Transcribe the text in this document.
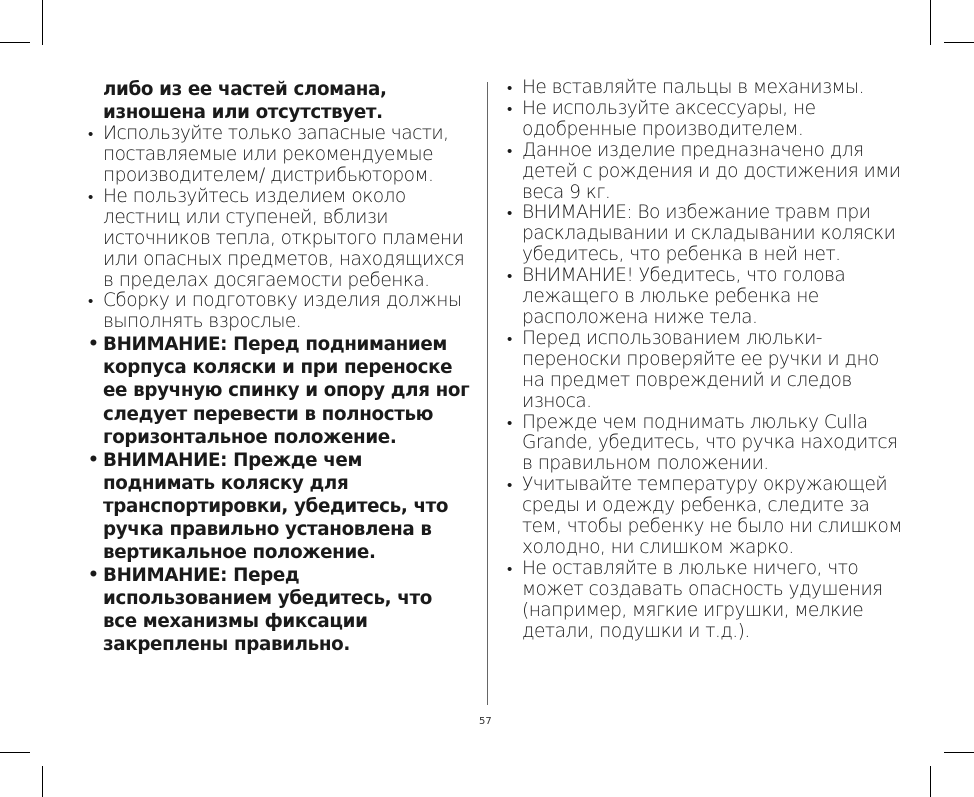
либо из ее частей сломана, изношена или отсутствует.
• Используйте только запасные части, поставляемые или рекомендуемые производителем/ дистрибьютором.
• Не пользуйтесь изделием около лестниц или ступеней, вблизи источников тепла, открытого пламени или опасных предметов, находящихся в пределах досягаемости ребенка.
• Сборку и подготовку изделия должны выполнять взрослые.
• ВНИМАНИЕ: Перед подниманием корпуса коляски и при переноске ее вручную спинку и опору для ног следует перевести в полностью горизонтальное положение.
• ВНИМАНИЕ: Прежде чем поднимать коляску для транспортировки, убедитесь, что ручка правильно установлена в вертикальное положение.
• ВНИМАНИЕ: Перед использованием убедитесь, что все механизмы фиксации закреплены правильно.
57
• Не вставляйте пальцы в механизмы.
• Не используйте аксессуары, не одобренные производителем.
• Данное изделие предназначено для детей с рождения и до достижения ими веса 9 кг.
• ВНИМАНИЕ: Во избежание травм при раскладывании и складывании коляски убедитесь, что ребенка в ней нет.
• ВНИМАНИЕ! Убедитесь, что голова лежащего в люльке ребенка не расположена ниже тела.
• Перед использованием люльки-переноски проверяйте ее ручки и дно на предмет повреждений и следов износа.
• Прежде чем поднимать люльку Culla Grande, убедитесь, что ручка находится в правильном положении.
• Учитывайте температуру окружающей среды и одежду ребенка, следите за тем, чтобы ребенку не было ни слишком холодно, ни слишком жарко.
• Не оставляйте в люльке ничего, что может создавать опасность удушения (например, мягкие игрушки, мелкие детали, подушки и т.д.).
